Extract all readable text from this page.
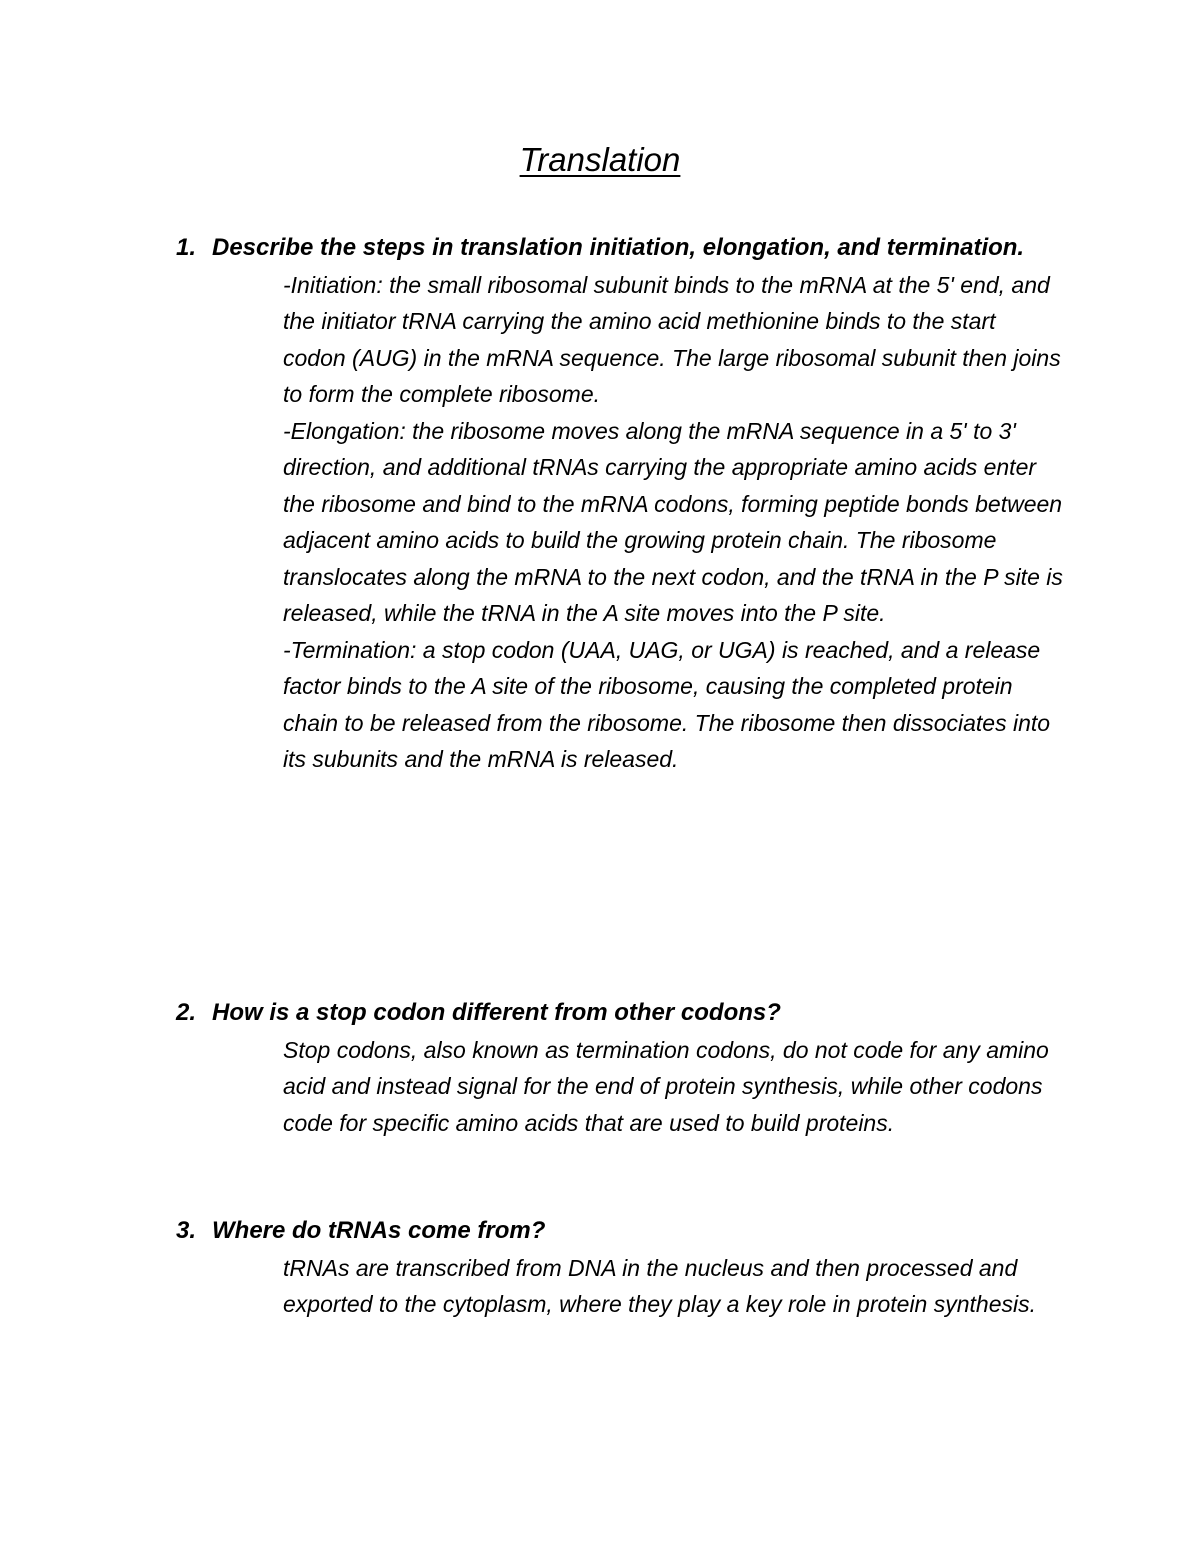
Translation
1. Describe the steps in translation initiation, elongation, and termination.

-Initiation: the small ribosomal subunit binds to the mRNA at the 5' end, and the initiator tRNA carrying the amino acid methionine binds to the start codon (AUG) in the mRNA sequence. The large ribosomal subunit then joins to form the complete ribosome.

-Elongation: the ribosome moves along the mRNA sequence in a 5' to 3' direction, and additional tRNAs carrying the appropriate amino acids enter the ribosome and bind to the mRNA codons, forming peptide bonds between adjacent amino acids to build the growing protein chain. The ribosome translocates along the mRNA to the next codon, and the tRNA in the P site is released, while the tRNA in the A site moves into the P site.

-Termination: a stop codon (UAA, UAG, or UGA) is reached, and a release factor binds to the A site of the ribosome, causing the completed protein chain to be released from the ribosome. The ribosome then dissociates into its subunits and the mRNA is released.

2. How is a stop codon different from other codons?

Stop codons, also known as termination codons, do not code for any amino acid and instead signal for the end of protein synthesis, while other codons code for specific amino acids that are used to build proteins.

3. Where do tRNAs come from?

tRNAs are transcribed from DNA in the nucleus and then processed and exported to the cytoplasm, where they play a key role in protein synthesis.
